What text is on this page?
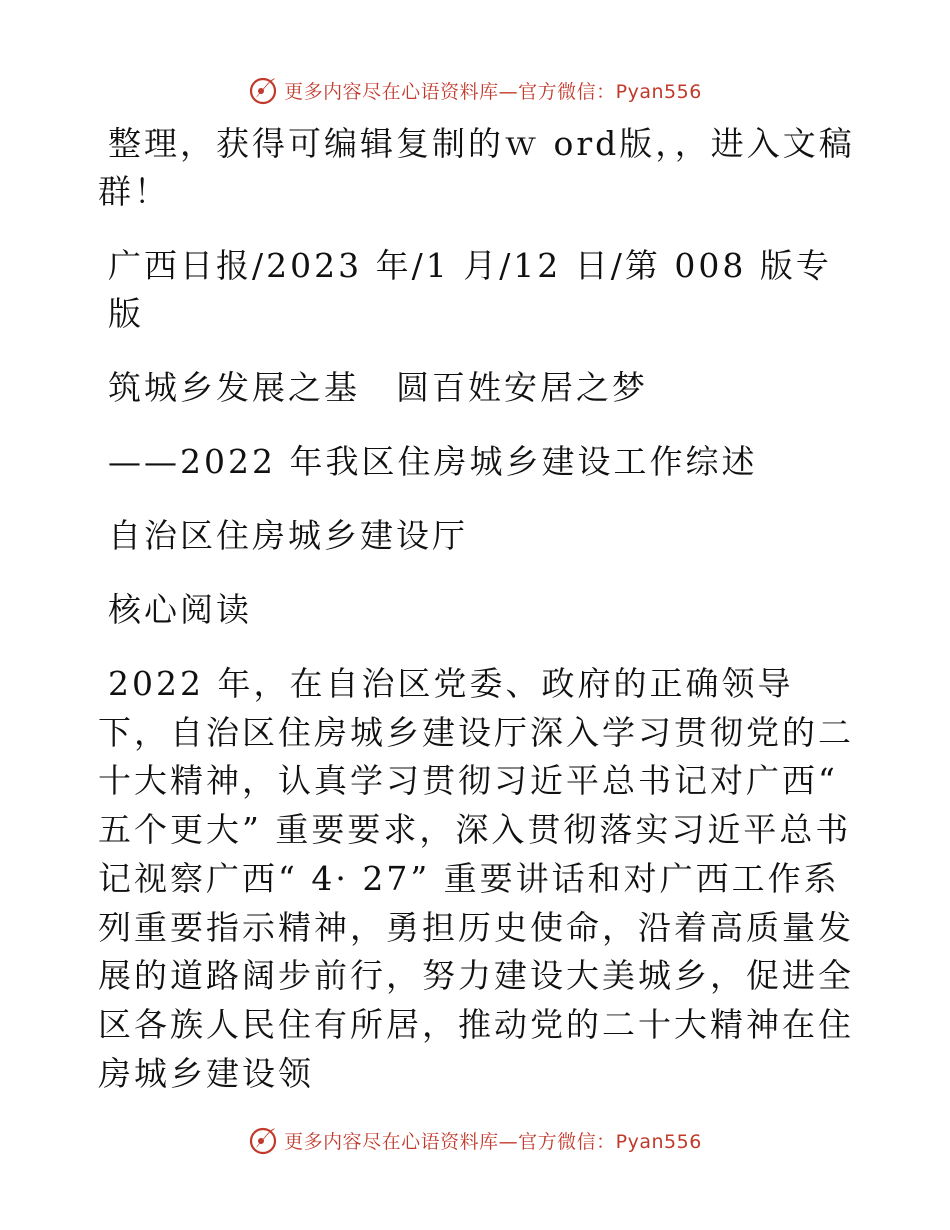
更多内容尽在心语资料库—官方微信：Pyan556
整理，获得可编辑复制的ｗ ord版，，进入文稿
群！
广西日报/2023 年/1 月/12 日/第 008 版专版
筑城乡发展之基　圆百姓安居之梦
——2022 年我区住房城乡建设工作综述
自治区住房城乡建设厅
核心阅读
2022 年，在自治区党委、政府的正确领导下，自治区住房城乡建设厅深入学习贯彻党的二十大精神，认真学习贯彻习近平总书记对广西“ 五个更大” 重要要求，深入贯彻落实习近平总书记视察广西“ 4· 27” 重要讲话和对广西工作系列重要指示精神，勇担历史使命，沿着高质量发展的道路阔步前行，努力建设大美城乡，促进全区各族人民住有所居，推动党的二十大精神在住房城乡建设领
更多内容尽在心语资料库—官方微信：Pyan556
